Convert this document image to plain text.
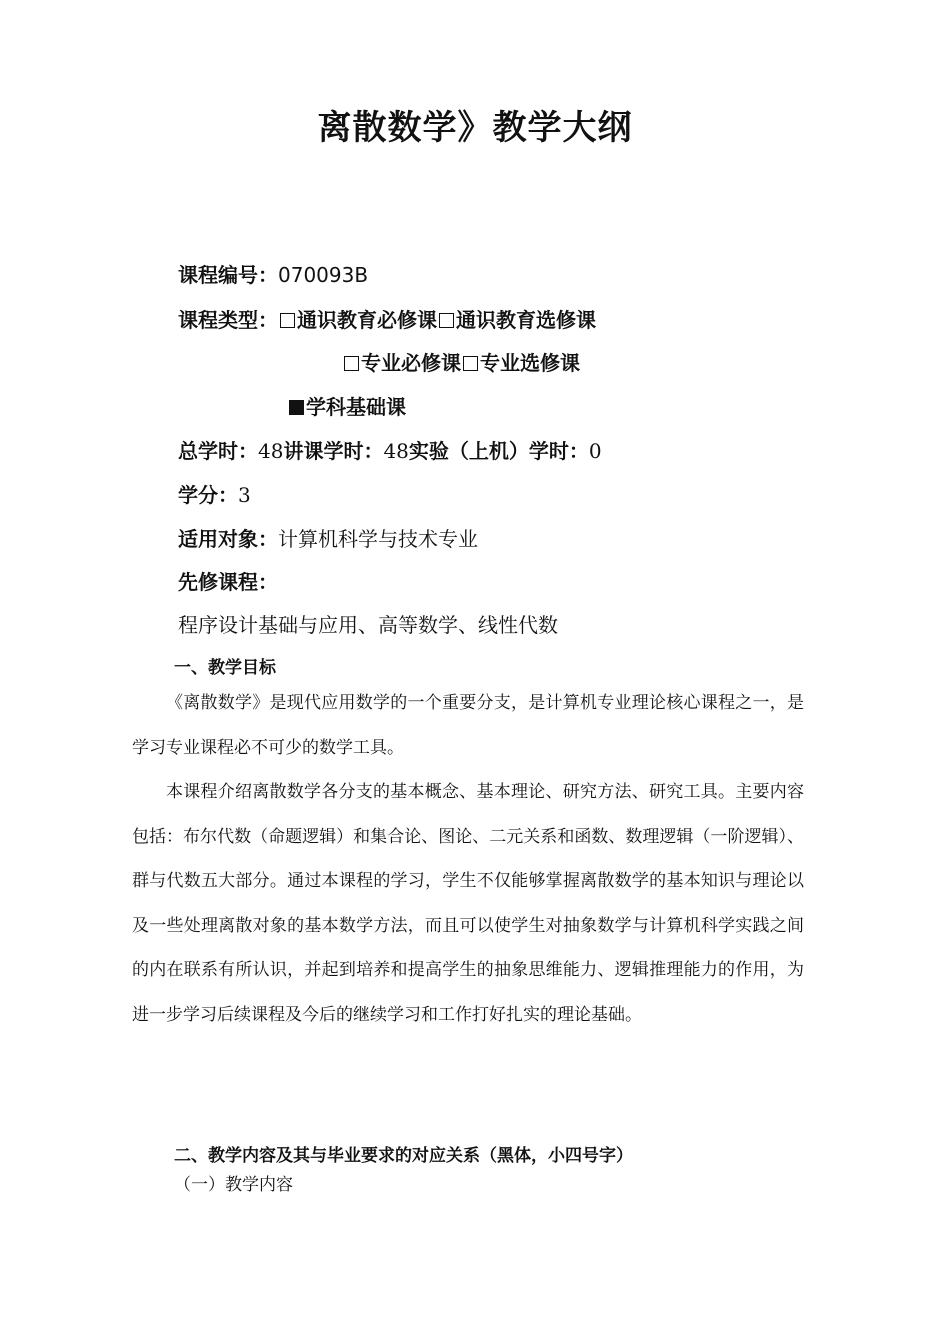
离散数学》教学大纲
课程编号：070093B
课程类型： 通识教育必修课 通识教育选修课
专业必修课 专业选修课
学科基础课
总学时：48讲课学时：48实验（上机）学时：0
学分：3
适用对象：计算机科学与技术专业
先修课程：
程序设计基础与应用、高等数学、线性代数
一、教学目标
《离散数学》是现代应用数学的一个重要分支，是计算机专业理论核心课程之一，是学习专业课程必不可少的数学工具。
本课程介绍离散数学各分支的基本概念、基本理论、研究方法、研究工具。主要内容包括：布尔代数（命题逻辑）和集合论、图论、二元关系和函数、数理逻辑（一阶逻辑）、群与代数五大部分。通过本课程的学习，学生不仅能够掌握离散数学的基本知识与理论以及一些处理离散对象的基本数学方法，而且可以使学生对抽象数学与计算机科学实践之间的内在联系有所认识，并起到培养和提高学生的抽象思维能力、逻辑推理能力的作用，为进一步学习后续课程及今后的继续学习和工作打好扎实的理论基础。
二、教学内容及其与毕业要求的对应关系（黑体，小四号字）
（一）教学内容
